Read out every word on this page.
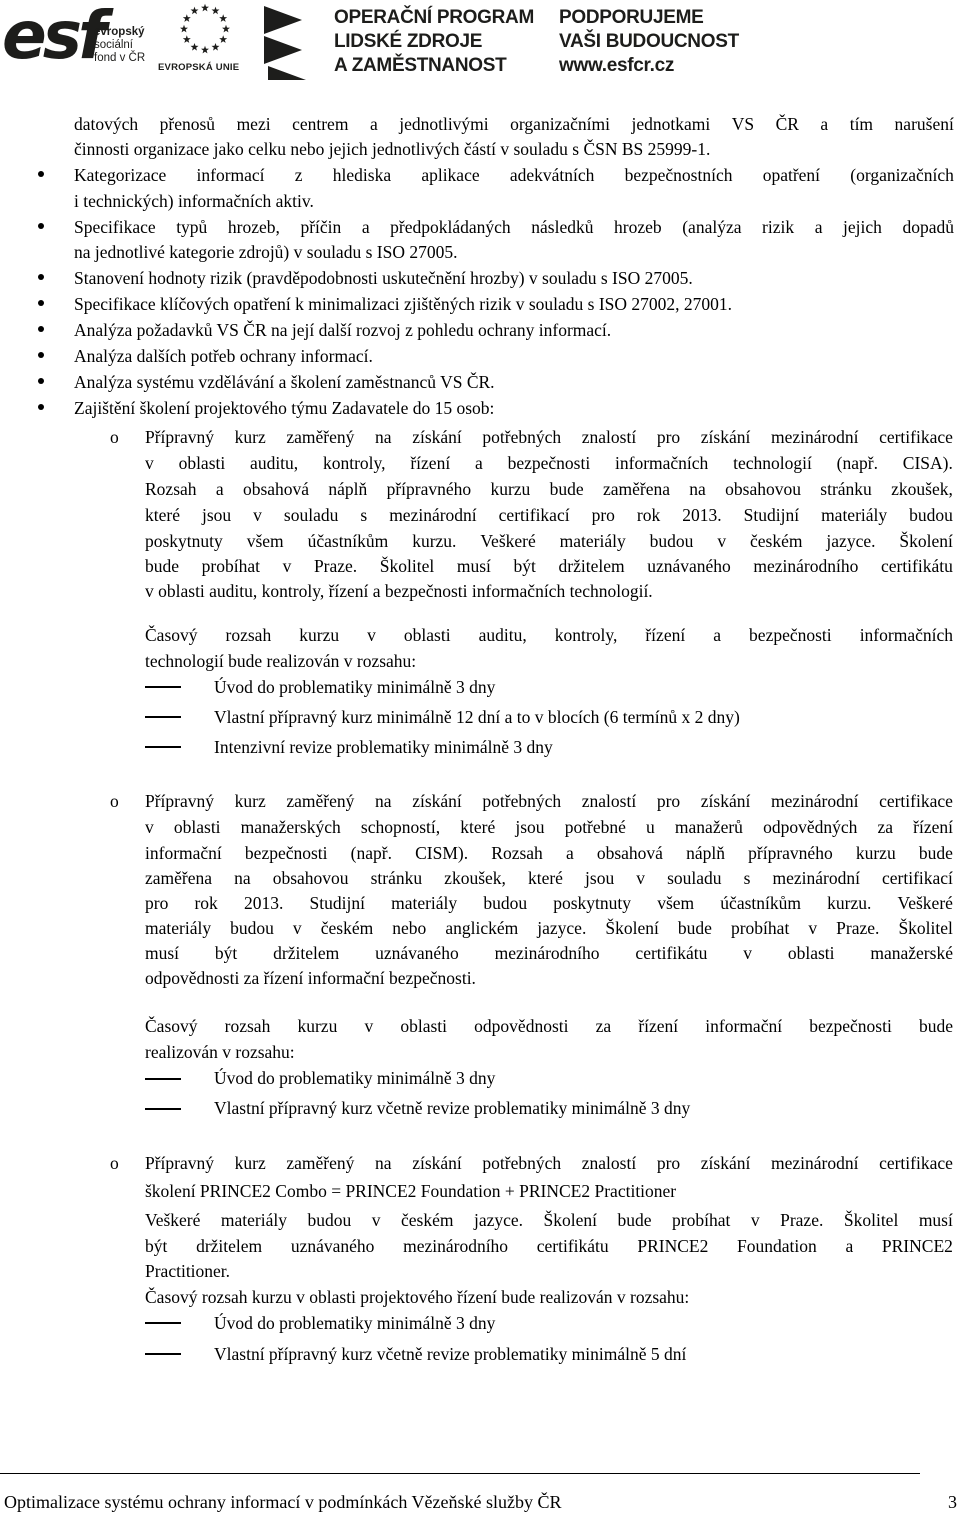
esf
evropský
sociální
fond v ČR
EVROPSKÁ UNIE
OPERAČNÍ PROGRAM
LIDSKÉ ZDROJE
A ZAMĚSTNANOST
PODPORUJEME
VAŠI BUDOUCNOST
www.esfcr.cz
datových přenosů mezi centrem a jednotlivými organizačními jednotkami VS ČR a tím narušení
činnosti organizace jako celku nebo jejich jednotlivých částí v souladu s ČSN BS 25999-1.
Kategorizace informací z hlediska aplikace adekvátních bezpečnostních opatření (organizačních
i technických) informačních aktiv.
Specifikace typů hrozeb, příčin a předpokládaných následků hrozeb (analýza rizik a jejich dopadů
na jednotlivé kategorie zdrojů) v souladu s ISO 27005.
Stanovení hodnoty rizik (pravděpodobnosti uskutečnění hrozby) v souladu s ISO 27005.
Specifikace klíčových opatření k minimalizaci zjištěných rizik v souladu s ISO 27002, 27001.
Analýza požadavků VS ČR na její další rozvoj z pohledu ochrany informací.
Analýza dalších potřeb ochrany informací.
Analýza systému vzdělávání a školení zaměstnanců VS ČR.
Zajištění školení projektového týmu Zadavatele do 15 osob:
o Přípravný kurz zaměřený na získání potřebných znalostí pro získání mezinárodní certifikace
v oblasti auditu, kontroly, řízení a bezpečnosti informačních technologií (např. CISA).
Rozsah a obsahová náplň přípravného kurzu bude zaměřena na obsahovou stránku zkoušek,
které jsou v souladu s mezinárodní certifikací pro rok 2013. Studijní materiály budou
poskytnuty všem účastníkům kurzu. Veškeré materiály budou v českém jazyce. Školení
bude probíhat v Praze. Školitel musí být držitelem uznávaného mezinárodního certifikátu
v oblasti auditu, kontroly, řízení a bezpečnosti informačních technologií.
Časový rozsah kurzu v oblasti auditu, kontroly, řízení a bezpečnosti informačních
technologií bude realizován v rozsahu:
Úvod do problematiky minimálně 3 dny
Vlastní přípravný kurz minimálně 12 dní a to v blocích (6 termínů x 2 dny)
Intenzivní revize problematiky minimálně 3 dny
o Přípravný kurz zaměřený na získání potřebných znalostí pro získání mezinárodní certifikace
v oblasti manažerských schopností, které jsou potřebné u manažerů odpovědných za řízení
informační bezpečnosti (např. CISM). Rozsah a obsahová náplň přípravného kurzu bude
zaměřena na obsahovou stránku zkoušek, které jsou v souladu s mezinárodní certifikací
pro rok 2013. Studijní materiály budou poskytnuty všem účastníkům kurzu. Veškeré
materiály budou v českém nebo anglickém jazyce. Školení bude probíhat v Praze. Školitel
musí být držitelem uznávaného mezinárodního certifikátu v oblasti manažerské
odpovědnosti za řízení informační bezpečnosti.
Časový rozsah kurzu v oblasti odpovědnosti za řízení informační bezpečnosti bude
realizován v rozsahu:
Úvod do problematiky minimálně 3 dny
Vlastní přípravný kurz včetně revize problematiky minimálně 3 dny
o Přípravný kurz zaměřený na získání potřebných znalostí pro získání mezinárodní certifikace
školení PRINCE2 Combo = PRINCE2 Foundation + PRINCE2 Practitioner
Veškeré materiály budou v českém jazyce. Školení bude probíhat v Praze. Školitel musí
být držitelem uznávaného mezinárodního certifikátu PRINCE2 Foundation a PRINCE2
Practitioner.
Časový rozsah kurzu v oblasti projektového řízení bude realizován v rozsahu:
Úvod do problematiky minimálně 3 dny
Vlastní přípravný kurz včetně revize problematiky minimálně 5 dní
Optimalizace systému ochrany informací v podmínkách Vězeňské služby ČR	3
